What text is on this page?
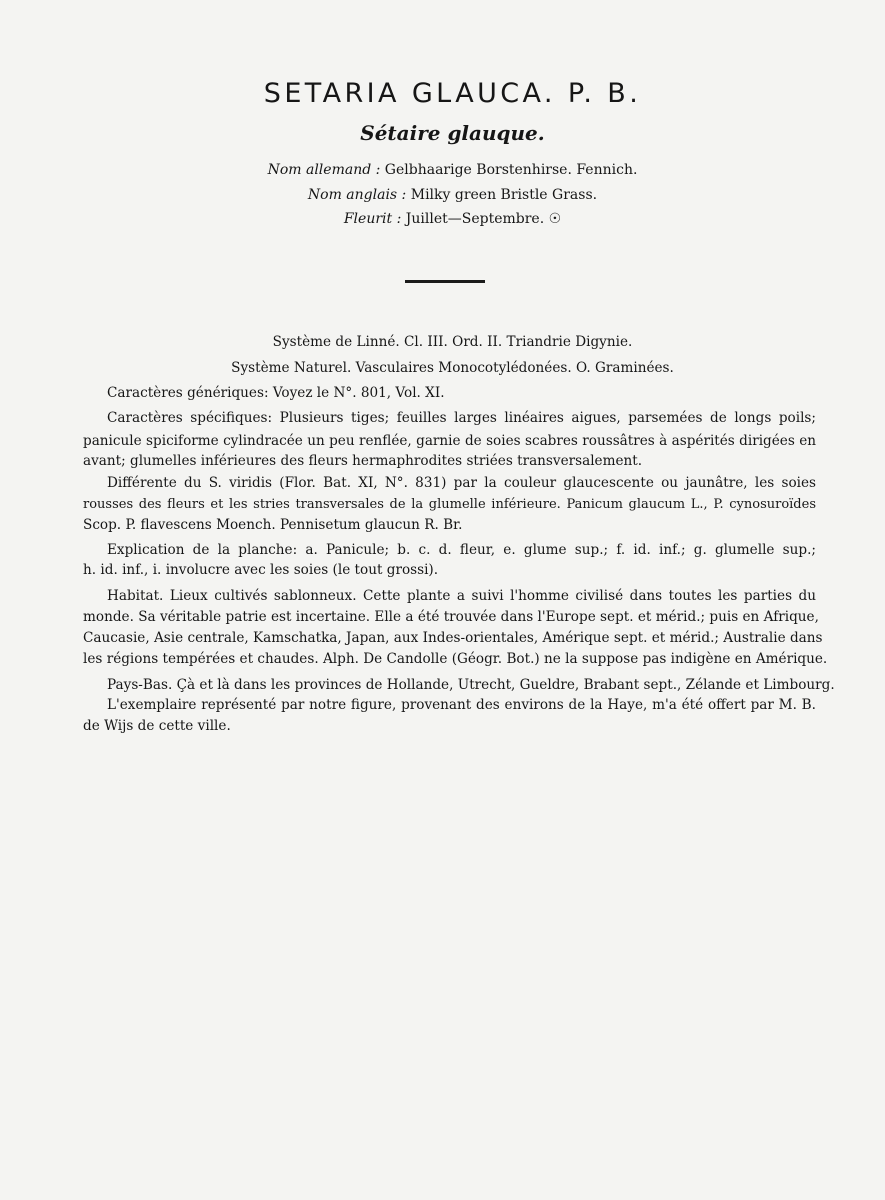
SETARIA GLAUCA. P. B.
Sétaire glauque.
Nom allemand : Gelbhaarige Borstenhirse. Fennich.
Nom anglais : Milky green Bristle Grass.
Fleurit : Juillet—Septembre. ☉
Système de Linné. Cl. III. Ord. II. Triandrie Digynie.
Système Naturel. Vasculaires Monocotylédonées. O. Graminées.
Caractères génériques: Voyez le N°. 801, Vol. XI.
Caractères spécifiques: Plusieurs tiges; feuilles larges linéaires aigues, parsemées de longs poils;
panicule spiciforme cylindracée un peu renflée, garnie de soies scabres roussâtres à aspérités dirigées en
avant; glumelles inférieures des fleurs hermaphrodites striées transversalement.
Différente du S. viridis (Flor. Bat. XI, N°. 831) par la couleur glaucescente ou jaunâtre, les soies
rousses des fleurs et les stries transversales de la glumelle inférieure. Panicum glaucum L., P. cynosuroïdes
Scop. P. flavescens Moench. Pennisetum glaucun R. Br.
Explication de la planche: a. Panicule; b. c. d. fleur, e. glume sup.; f. id. inf.; g. glumelle sup.;
h. id. inf., i. involucre avec les soies (le tout grossi).
Habitat. Lieux cultivés sablonneux. Cette plante a suivi l'homme civilisé dans toutes les parties du
monde. Sa véritable patrie est incertaine. Elle a été trouvée dans l'Europe sept. et mérid.; puis en Afrique,
Caucasie, Asie centrale, Kamschatka, Japan, aux Indes-orientales, Amérique sept. et mérid.; Australie dans
les régions tempérées et chaudes. Alph. De Candolle (Géogr. Bot.) ne la suppose pas indigène en Amérique.
Pays-Bas. Çà et là dans les provinces de Hollande, Utrecht, Gueldre, Brabant sept., Zélande et Limbourg.
L'exemplaire représenté par notre figure, provenant des environs de la Haye, m'a été offert par M. B.
de Wijs de cette ville.
